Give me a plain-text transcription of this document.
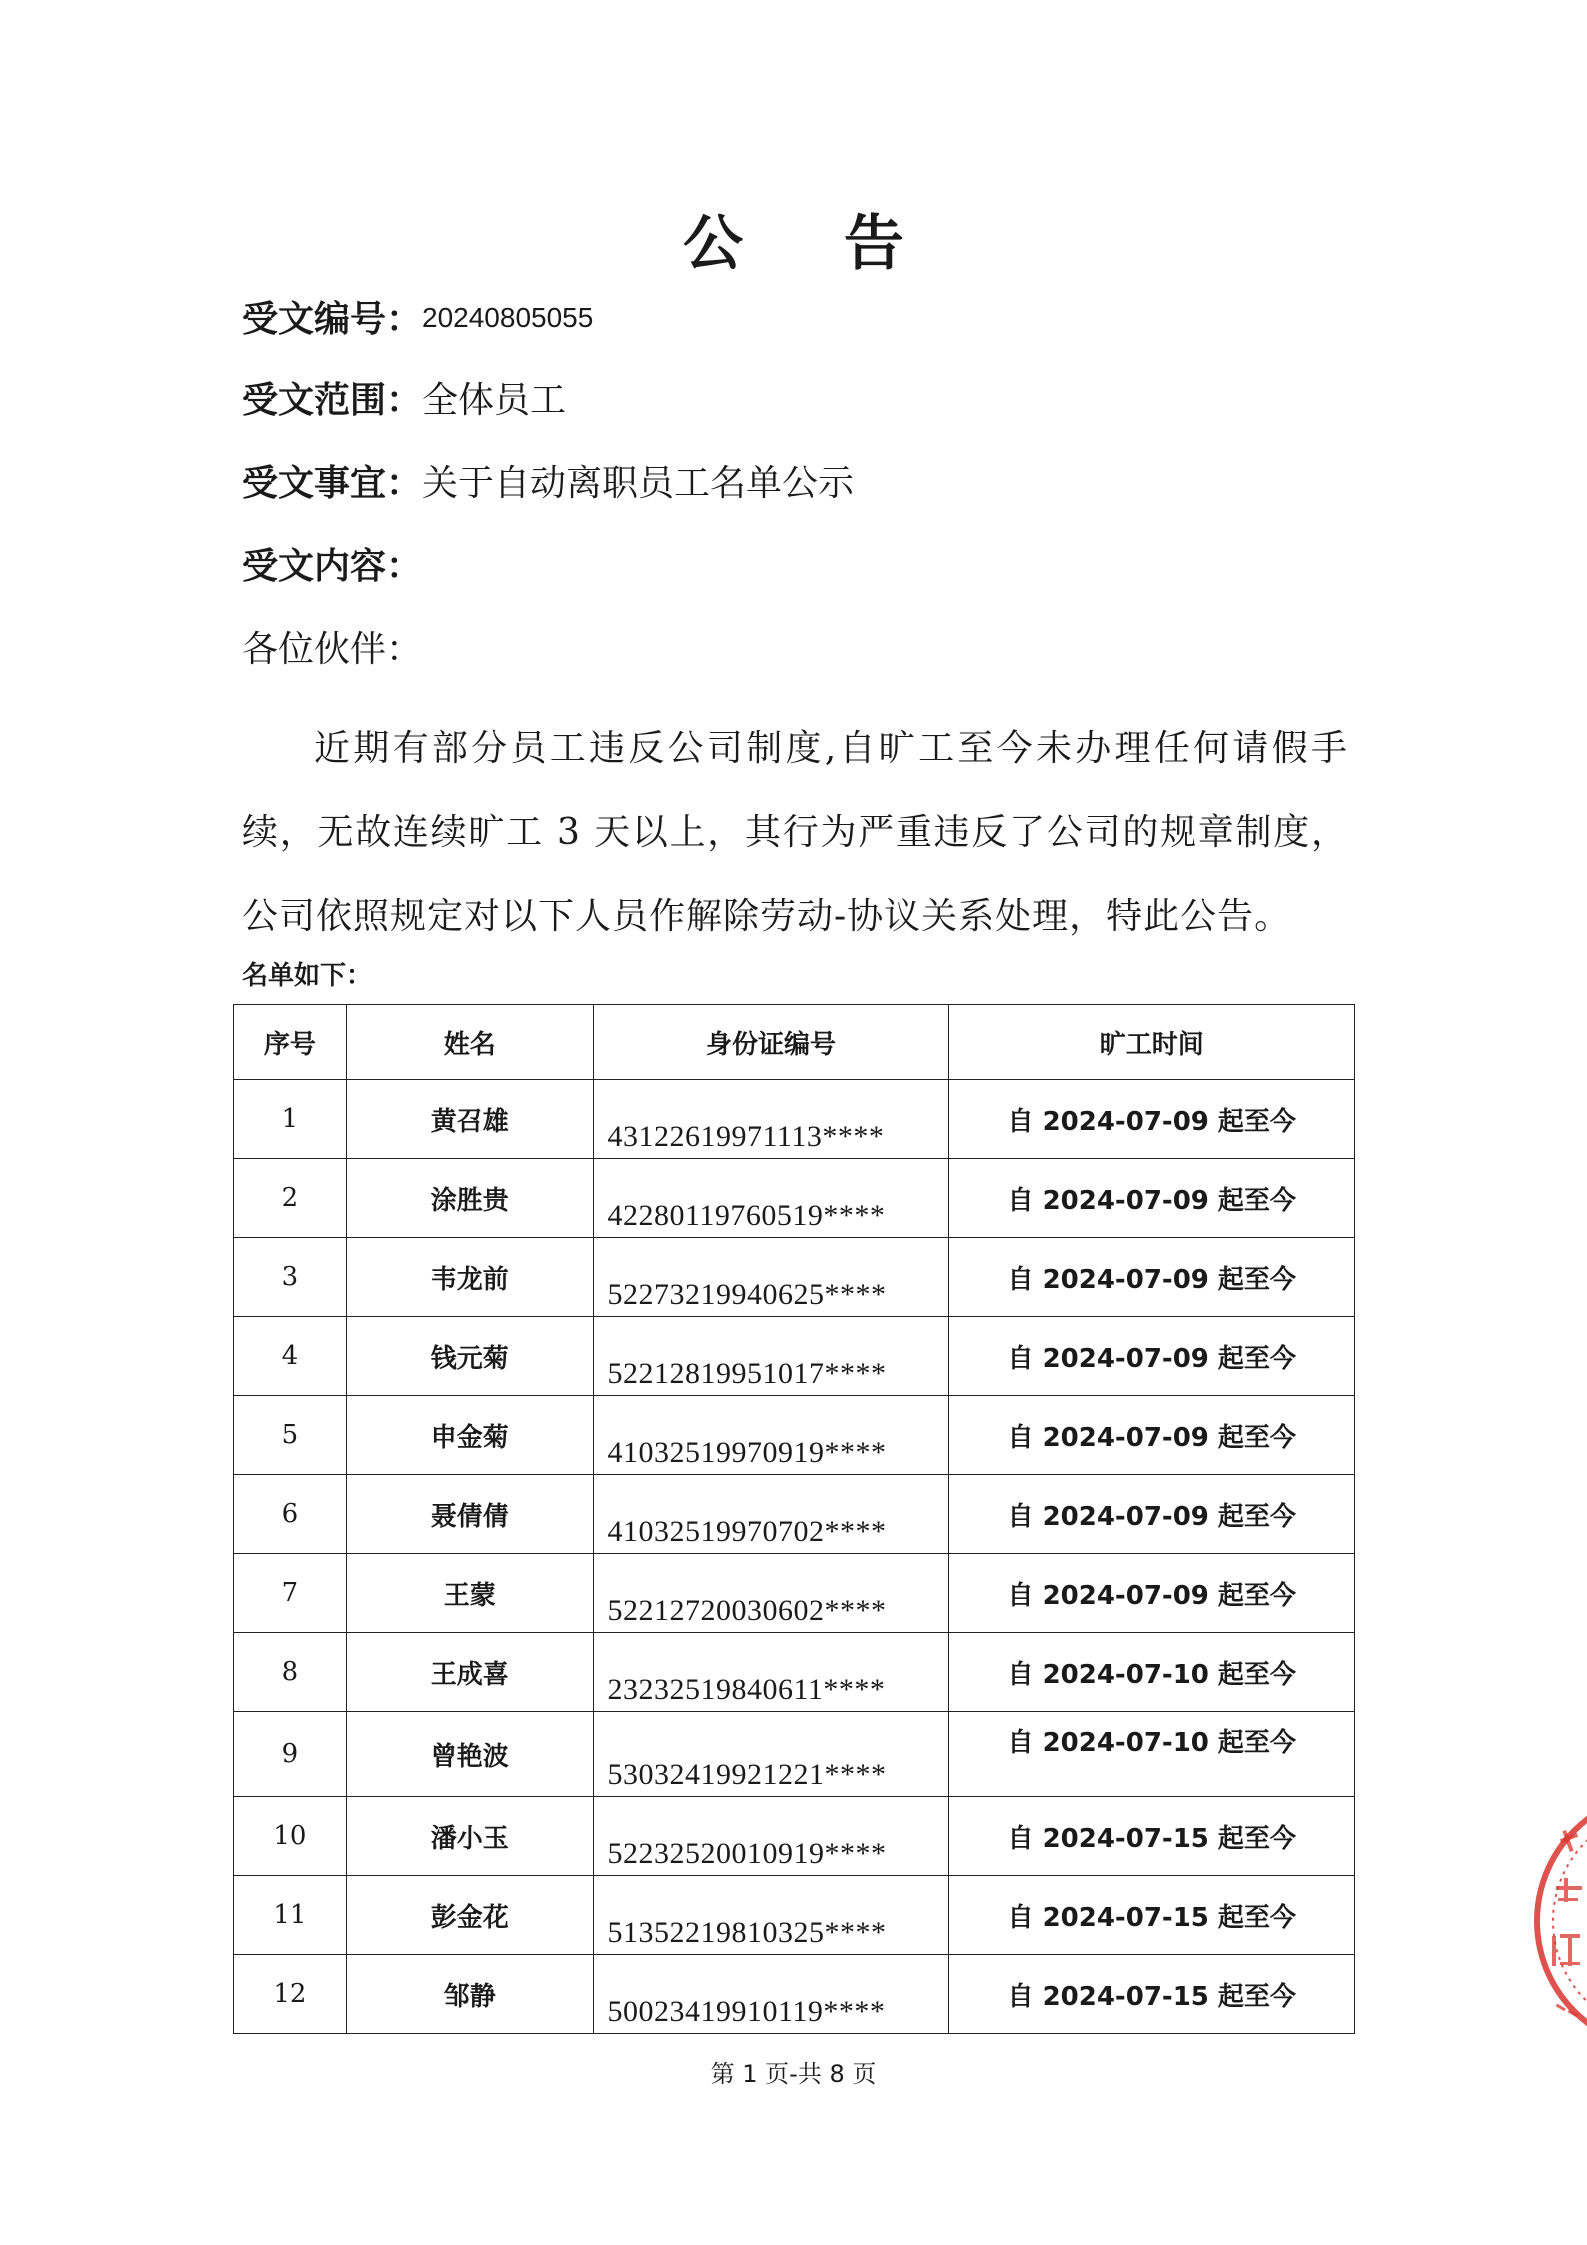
公 告
受文编号：20240805055
受文范围：全体员工
受文事宜：关于自动离职员工名单公示
受文内容：
各位伙伴：
近期有部分员工违反公司制度,自旷工至今未办理任何请假手续，无故连续旷工 3 天以上，其行为严重违反了公司的规章制度，公司依照规定对以下人员作解除劳动-协议关系处理，特此公告。
名单如下：
序号	姓名	身份证编号	旷工时间
1	黄召雄	43122619971113****	自 2024-07-09 起至今
2	涂胜贵	42280119760519****	自 2024-07-09 起至今
3	韦龙前	52273219940625****	自 2024-07-09 起至今
4	钱元菊	52212819951017****	自 2024-07-09 起至今
5	申金菊	41032519970919****	自 2024-07-09 起至今
6	聂倩倩	41032519970702****	自 2024-07-09 起至今
7	王蒙	52212720030602****	自 2024-07-09 起至今
8	王成喜	23232519840611****	自 2024-07-10 起至今
9	曾艳波	53032419921221****	自 2024-07-10 起至今
10	潘小玉	52232520010919****	自 2024-07-15 起至今
11	彭金花	51352219810325****	自 2024-07-15 起至今
12	邹静	50023419910119****	自 2024-07-15 起至今
第 1 页-共 8 页
